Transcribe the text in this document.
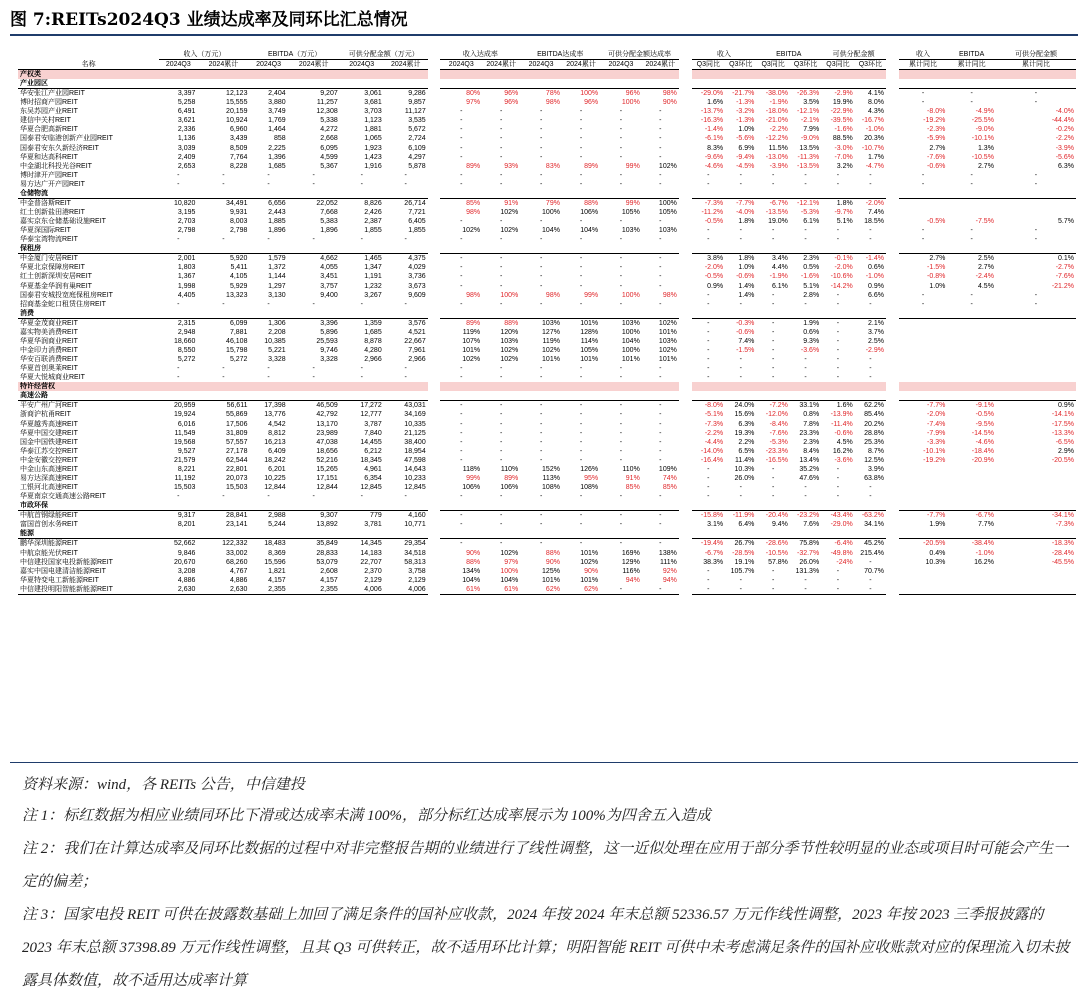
图 7:REITs2024Q3 业绩达成率及同环比汇总情况
	收入（万元）		EBITDA（万元）		可供分配金额（万元）			收入达成率		EBITDA达成率		可供分配金额达成率			收入		EBITDA		可供分配金额			收入	EBITDA	可供分配金额
名称	2024Q3	2024累计	2024Q3	2024累计	2024Q3	2024累计		2024Q3	2024累计	2024Q3	2024累计	2024Q3	2024累计		Q3同比	Q3环比	Q3同比	Q3环比	Q3同比	Q3环比		累计同比	累计同比	累计同比
产权类																								
产业园区																								
华安张江产业园REIT	3,397	12,123	2,404	9,207	3,061	9,286		80%	96%	78%	100%	96%	98%		-29.0%	-21.7%	-38.0%	-26.3%	-2.9%	4.1%		-	-	-
博时招商产园REIT	5,258	15,555	3,880	11,257	3,681	9,857		97%	96%	98%	96%	100%	90%		1.6%	-1.3%	-1.9%	3.5%	19.9%	8.0%		-	-	-
东吴苏园产业REIT	6,491	20,159	3,749	12,308	3,703	11,127		-	-	-	-	-	-		-13.7%	-3.2%	-18.0%	-12.1%	-22.9%	4.3%		-8.0%	-4.9%	-4.0%
建信中关村REIT	3,621	10,924	1,769	5,338	1,123	3,535		-	-	-	-	-	-		-16.3%	-1.3%	-21.0%	-2.1%	-39.5%	-16.7%		-19.2%	-25.5%	-44.4%
华夏合肥高新REIT	2,336	6,960	1,464	4,272	1,881	5,672		-	-	-	-	-	-		-1.4%	1.0%	-2.2%	7.9%	-1.6%	-1.0%		-2.3%	-9.0%	-0.2%
国泰君安临港创新产业园REIT	1,136	3,439	858	2,668	1,065	2,724		-	-	-	-	-	-		-6.1%	-5.6%	-12.2%	-9.0%	88.5%	20.3%		-5.9%	-10.1%	-2.2%
国泰君安东久新经济REIT	3,039	8,509	2,225	6,095	1,923	6,109		-	-	-	-	-	-		8.3%	6.9%	11.5%	13.5%	-3.0%	-10.7%		2.7%	1.3%	-3.9%
华夏和达高科REIT	2,409	7,764	1,396	4,599	1,423	4,297		-	-	-	-	-	-		-9.6%	-9.4%	-13.0%	-11.3%	-7.0%	1.7%		-7.6%	-10.5%	-5.6%
中金湖北科投光谷REIT	2,653	8,228	1,685	5,367	1,916	5,878		89%	93%	83%	89%	99%	102%		-4.6%	-4.5%	-3.9%	-13.5%	3.2%	-4.7%		-0.6%	2.7%	6.3%
博时津开产园REIT	-	-	-	-	-	-		-	-	-	-	-	-		-	-	-	-	-	-		-	-	-
易方达广开产园REIT	-	-	-	-	-	-		-	-	-	-	-	-		-	-	-	-	-	-		-	-	-
仓储物流																								
中金普洛斯REIT	10,820	34,491	6,656	22,052	8,826	26,714		85%	91%	79%	88%	99%	100%		-7.3%	-7.7%	-6.7%	-12.1%	1.8%	-2.0%				
红土创新盐田港REIT	3,195	9,931	2,443	7,668	2,426	7,721		98%	102%	100%	106%	105%	105%		-11.2%	-4.0%	-13.5%	-5.3%	-9.7%	7.4%				
嘉实京东仓储基础设施REIT	2,703	8,003	1,885	5,383	2,387	6,405		-	-	-	-	-	-		-0.5%	1.8%	19.0%	6.1%	5.1%	18.5%		-0.5%	-7.5%	5.7%
华夏深国际REIT	2,798	2,798	1,896	1,896	1,855	1,855		102%	102%	104%	104%	103%	103%		-	-	-	-	-	-		-	-	-
华泰宝湾物流REIT	-	-	-	-	-	-		-	-	-	-	-	-		-	-	-	-	-	-		-	-	-
保租房																								
中金厦门安居REIT	2,001	5,920	1,579	4,662	1,465	4,375		-	-	-	-	-	-		3.8%	1.8%	3.4%	2.3%	-0.1%	-1.4%		2.7%	2.5%	0.1%
华夏北京保障房REIT	1,803	5,411	1,372	4,055	1,347	4,029		-	-	-	-	-	-		-2.0%	1.0%	4.4%	0.5%	-2.0%	0.6%		-1.5%	2.7%	-2.7%
红土创新深圳安居REIT	1,367	4,105	1,144	3,451	1,191	3,736		-	-	-	-	-	-		-0.5%	-0.6%	-1.9%	-1.6%	-10.6%	-1.0%		-0.8%	-2.4%	-7.6%
华夏基金华润有巢REIT	1,998	5,929	1,297	3,757	1,232	3,673		-	-	-	-	-	-		0.9%	1.4%	6.1%	5.1%	-14.2%	0.9%		1.0%	4.5%	-21.2%
国泰君安城投宽庭保租房REIT	4,405	13,323	3,130	9,400	3,267	9,609		98%	100%	98%	99%	100%	98%		-	1.4%	-	2.8%	-	6.6%		-	-	-
招商基金蛇口租赁住房REIT	-	-	-	-	-	-		-	-	-	-	-	-		-	-	-	-	-	-		-	-	-
消费																								
华夏金茂商业REIT	2,315	6,099	1,306	3,396	1,359	3,576		89%	88%	103%	101%	103%	102%		-	-0.3%	-	1.9%	-	2.1%				
嘉实物美消费REIT	2,948	7,881	2,208	5,896	1,685	4,521		119%	120%	127%	128%	100%	101%		-	-0.6%	-	0.6%	-	3.7%				
华夏华润商业REIT	18,660	46,108	10,385	25,593	8,878	22,667		107%	103%	119%	114%	104%	103%		-	7.4%	-	9.3%	-	2.5%				
中金印力消费REIT	8,550	15,798	5,221	9,746	4,280	7,961		101%	102%	102%	105%	100%	102%		-	-1.5%	-	-3.6%	-	-2.9%				
华安百联消费REIT	5,272	5,272	3,328	3,328	2,966	2,966		102%	102%	101%	101%	101%	101%		-	-	-	-	-	-				
华夏首创奥莱REIT	-	-	-	-	-	-		-	-	-	-	-	-		-	-	-	-	-	-				
华夏大悦城商业REIT	-	-	-	-	-	-		-	-	-	-	-	-		-	-	-	-	-	-				
特许经营权																								
高速公路																								
平安广州广河REIT	20,959	56,611	17,398	46,509	17,272	43,031		-	-	-	-	-	-		-8.0%	24.0%	-7.2%	33.1%	1.6%	62.2%		-7.7%	-9.1%	0.9%
浙商沪杭甬REIT	19,924	55,869	13,776	42,792	12,777	34,169		-	-	-	-	-	-		-5.1%	15.6%	-12.0%	0.8%	-13.9%	85.4%		-2.0%	-0.5%	-14.1%
华夏越秀高速REIT	6,016	17,506	4,542	13,170	3,787	10,335		-	-	-	-	-	-		-7.3%	6.3%	-8.4%	7.8%	-11.4%	20.2%		-7.4%	-9.5%	-17.5%
华夏中国交建REIT	11,549	31,809	8,812	23,989	7,840	21,125		-	-	-	-	-	-		-2.2%	19.3%	-7.6%	23.3%	-0.6%	28.8%		-7.9%	-14.5%	-13.3%
国金中国铁建REIT	19,568	57,557	16,213	47,038	14,455	38,400		-	-	-	-	-	-		-4.4%	2.2%	-5.3%	2.3%	4.5%	25.3%		-3.3%	-4.6%	-6.5%
华泰江苏交控REIT	9,527	27,178	6,409	18,656	6,212	18,954		-	-	-	-	-	-		-14.0%	6.5%	-23.3%	8.4%	16.2%	8.7%		-10.1%	-18.4%	2.9%
中金安徽交控REIT	21,579	62,544	18,242	52,216	18,345	47,598		-	-	-	-	-	-		-16.4%	11.4%	-16.5%	13.4%	-3.6%	12.5%		-19.2%	-20.9%	-20.5%
中金山东高速REIT	8,221	22,801	6,201	15,265	4,961	14,643		118%	110%	152%	126%	110%	109%		-	10.3%	-	35.2%	-	3.9%				
易方达深高速REIT	11,192	20,073	10,225	17,151	6,354	10,233		99%	89%	113%	95%	91%	74%		-	26.0%	-	47.6%	-	63.8%				
工银河北高速REIT	15,503	15,503	12,844	12,844	12,845	12,845		106%	106%	108%	108%	85%	85%		-	-	-	-	-	-				
华夏南京交通高速公路REIT	-	-	-	-	-	-		-	-	-	-	-	-		-	-	-	-	-	-				
市政环保																								
中航首钢绿能REIT	9,317	28,841	2,988	9,307	779	4,160		-	-	-	-	-	-		-15.8%	-11.9%	-20.4%	-23.2%	-43.4%	-63.2%		-7.7%	-6.7%	-34.1%
富国首创水务REIT	8,201	23,141	5,244	13,892	3,781	10,771		-	-	-	-	-	-		3.1%	6.4%	9.4%	7.6%	-29.0%	34.1%		1.9%	7.7%	-7.3%
能源																								
鹏华深圳能源REIT	52,662	122,332	18,483	35,849	14,345	29,354		-	-	-	-	-	-		-19.4%	26.7%	-28.6%	75.8%	-6.4%	45.2%		-20.5%	-38.4%	-18.3%
中航京能光伏REIT	9,846	33,002	8,369	28,833	14,183	34,518		90%	102%	88%	101%	169%	138%		-6.7%	-28.5%	-10.5%	-32.7%	-49.8%	215.4%		0.4%	-1.0%	-28.4%
中信建投国家电投新能源REIT	20,670	68,260	15,596	53,079	22,707	58,313		88%	97%	90%	102%	129%	111%		38.3%	19.1%	57.8%	26.0%	-24%	-		10.3%	16.2%	-45.5%
嘉实中国电建清洁能源REIT	3,208	4,767	1,821	2,608	2,370	3,758		134%	100%	125%	90%	116%	92%		-	105.7%	-	131.3%	-	70.7%				
华夏特变电工新能源REIT	4,886	4,886	4,157	4,157	2,129	2,129		104%	104%	101%	101%	94%	94%		-	-	-	-	-	-				
中信建投明阳智能新能源REIT	2,630	2,630	2,355	2,355	4,006	4,006		61%	61%	62%	62%	-	-		-	-	-	-	-	-				

资料来源：wind，各 REITs 公告，中信建投

注 1：标红数据为相应业绩同环比下滑或达成率未满 100%，部分标红达成率展示为 100%为四舍五入造成

注 2：我们在计算达成率及同环比数据的过程中对非完整报告期的业绩进行了线性调整，这一近似处理在应用于部分季节性较明显的业态或项目时可能会产生一定的偏差；

注 3：国家电投 REIT 可供在披露数基础上加回了满足条件的国补应收款，2024 年按 2024 年末总额 52336.57 万元作线性调整，2023 年按 2023 三季报披露的 2023 年末总额 37398.89 万元作线性调整，且其 Q3 可供转正，故不适用环比计算；明阳智能 REIT 可供中未考虑满足条件的国补应收账款对应的保理流入切未披露具体数值，故不适用达成率计算
